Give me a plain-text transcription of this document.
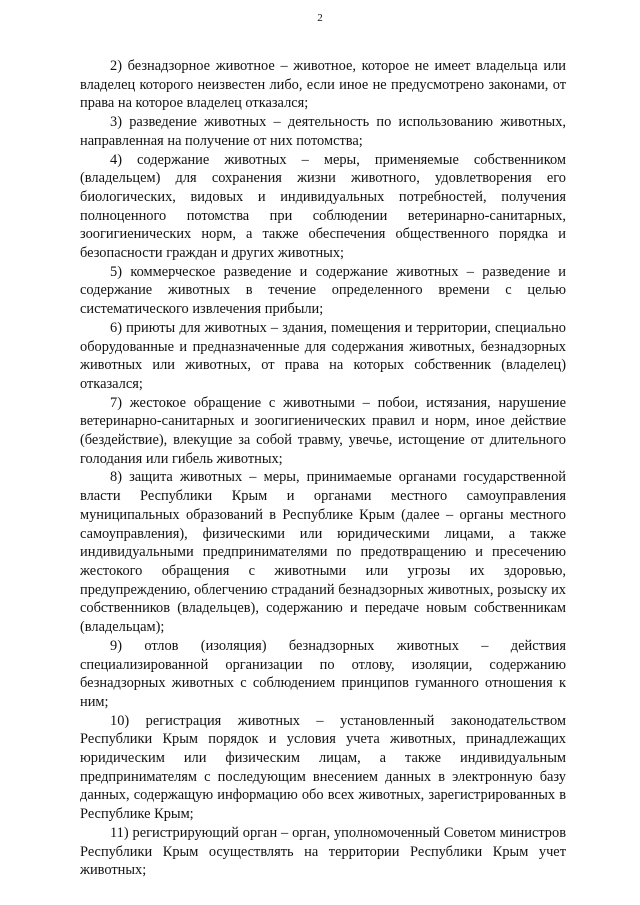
2

2) безнадзорное животное – животное, которое не имеет владельца или владелец которого неизвестен либо, если иное не предусмотрено законами, от права на которое владелец отказался;

3) разведение животных – деятельность по использованию животных, направленная на получение от них потомства;

4) содержание животных – меры, применяемые собственником (владельцем) для сохранения жизни животного, удовлетворения его биологических, видовых и индивидуальных потребностей, получения полноценного потомства при соблюдении ветеринарно-санитарных, зоогигиенических норм, а также обеспечения общественного порядка и безопасности граждан и других животных;

5) коммерческое разведение и содержание животных – разведение и содержание животных в течение определенного времени с целью систематического извлечения прибыли;

6) приюты для животных – здания, помещения и территории, специально оборудованные и предназначенные для содержания животных, безнадзорных животных или животных, от права на которых собственник (владелец) отказался;

7) жестокое обращение с животными – побои, истязания, нарушение ветеринарно-санитарных и зоогигиенических правил и норм, иное действие (бездействие), влекущие за собой травму, увечье, истощение от длительного голодания или гибель животных;

8) защита животных – меры, принимаемые органами государственной власти Республики Крым и органами местного самоуправления муниципальных образований в Республике Крым (далее – органы местного самоуправления), физическими или юридическими лицами, а также индивидуальными предпринимателями по предотвращению и пресечению жестокого обращения с животными или угрозы их здоровью, предупреждению, облегчению страданий безнадзорных животных, розыску их собственников (владельцев), содержанию и передаче новым собственникам (владельцам);

9) отлов (изоляция) безнадзорных животных – действия специализированной организации по отлову, изоляции, содержанию безнадзорных животных с соблюдением принципов гуманного отношения к ним;

10) регистрация животных – установленный законодательством Республики Крым порядок и условия учета животных, принадлежащих юридическим или физическим лицам, а также индивидуальным предпринимателям с последующим внесением данных в электронную базу данных, содержащую информацию обо всех животных, зарегистрированных в Республике Крым;

11) регистрирующий орган – орган, уполномоченный Советом министров Республики Крым осуществлять на территории Республики Крым учет животных;
